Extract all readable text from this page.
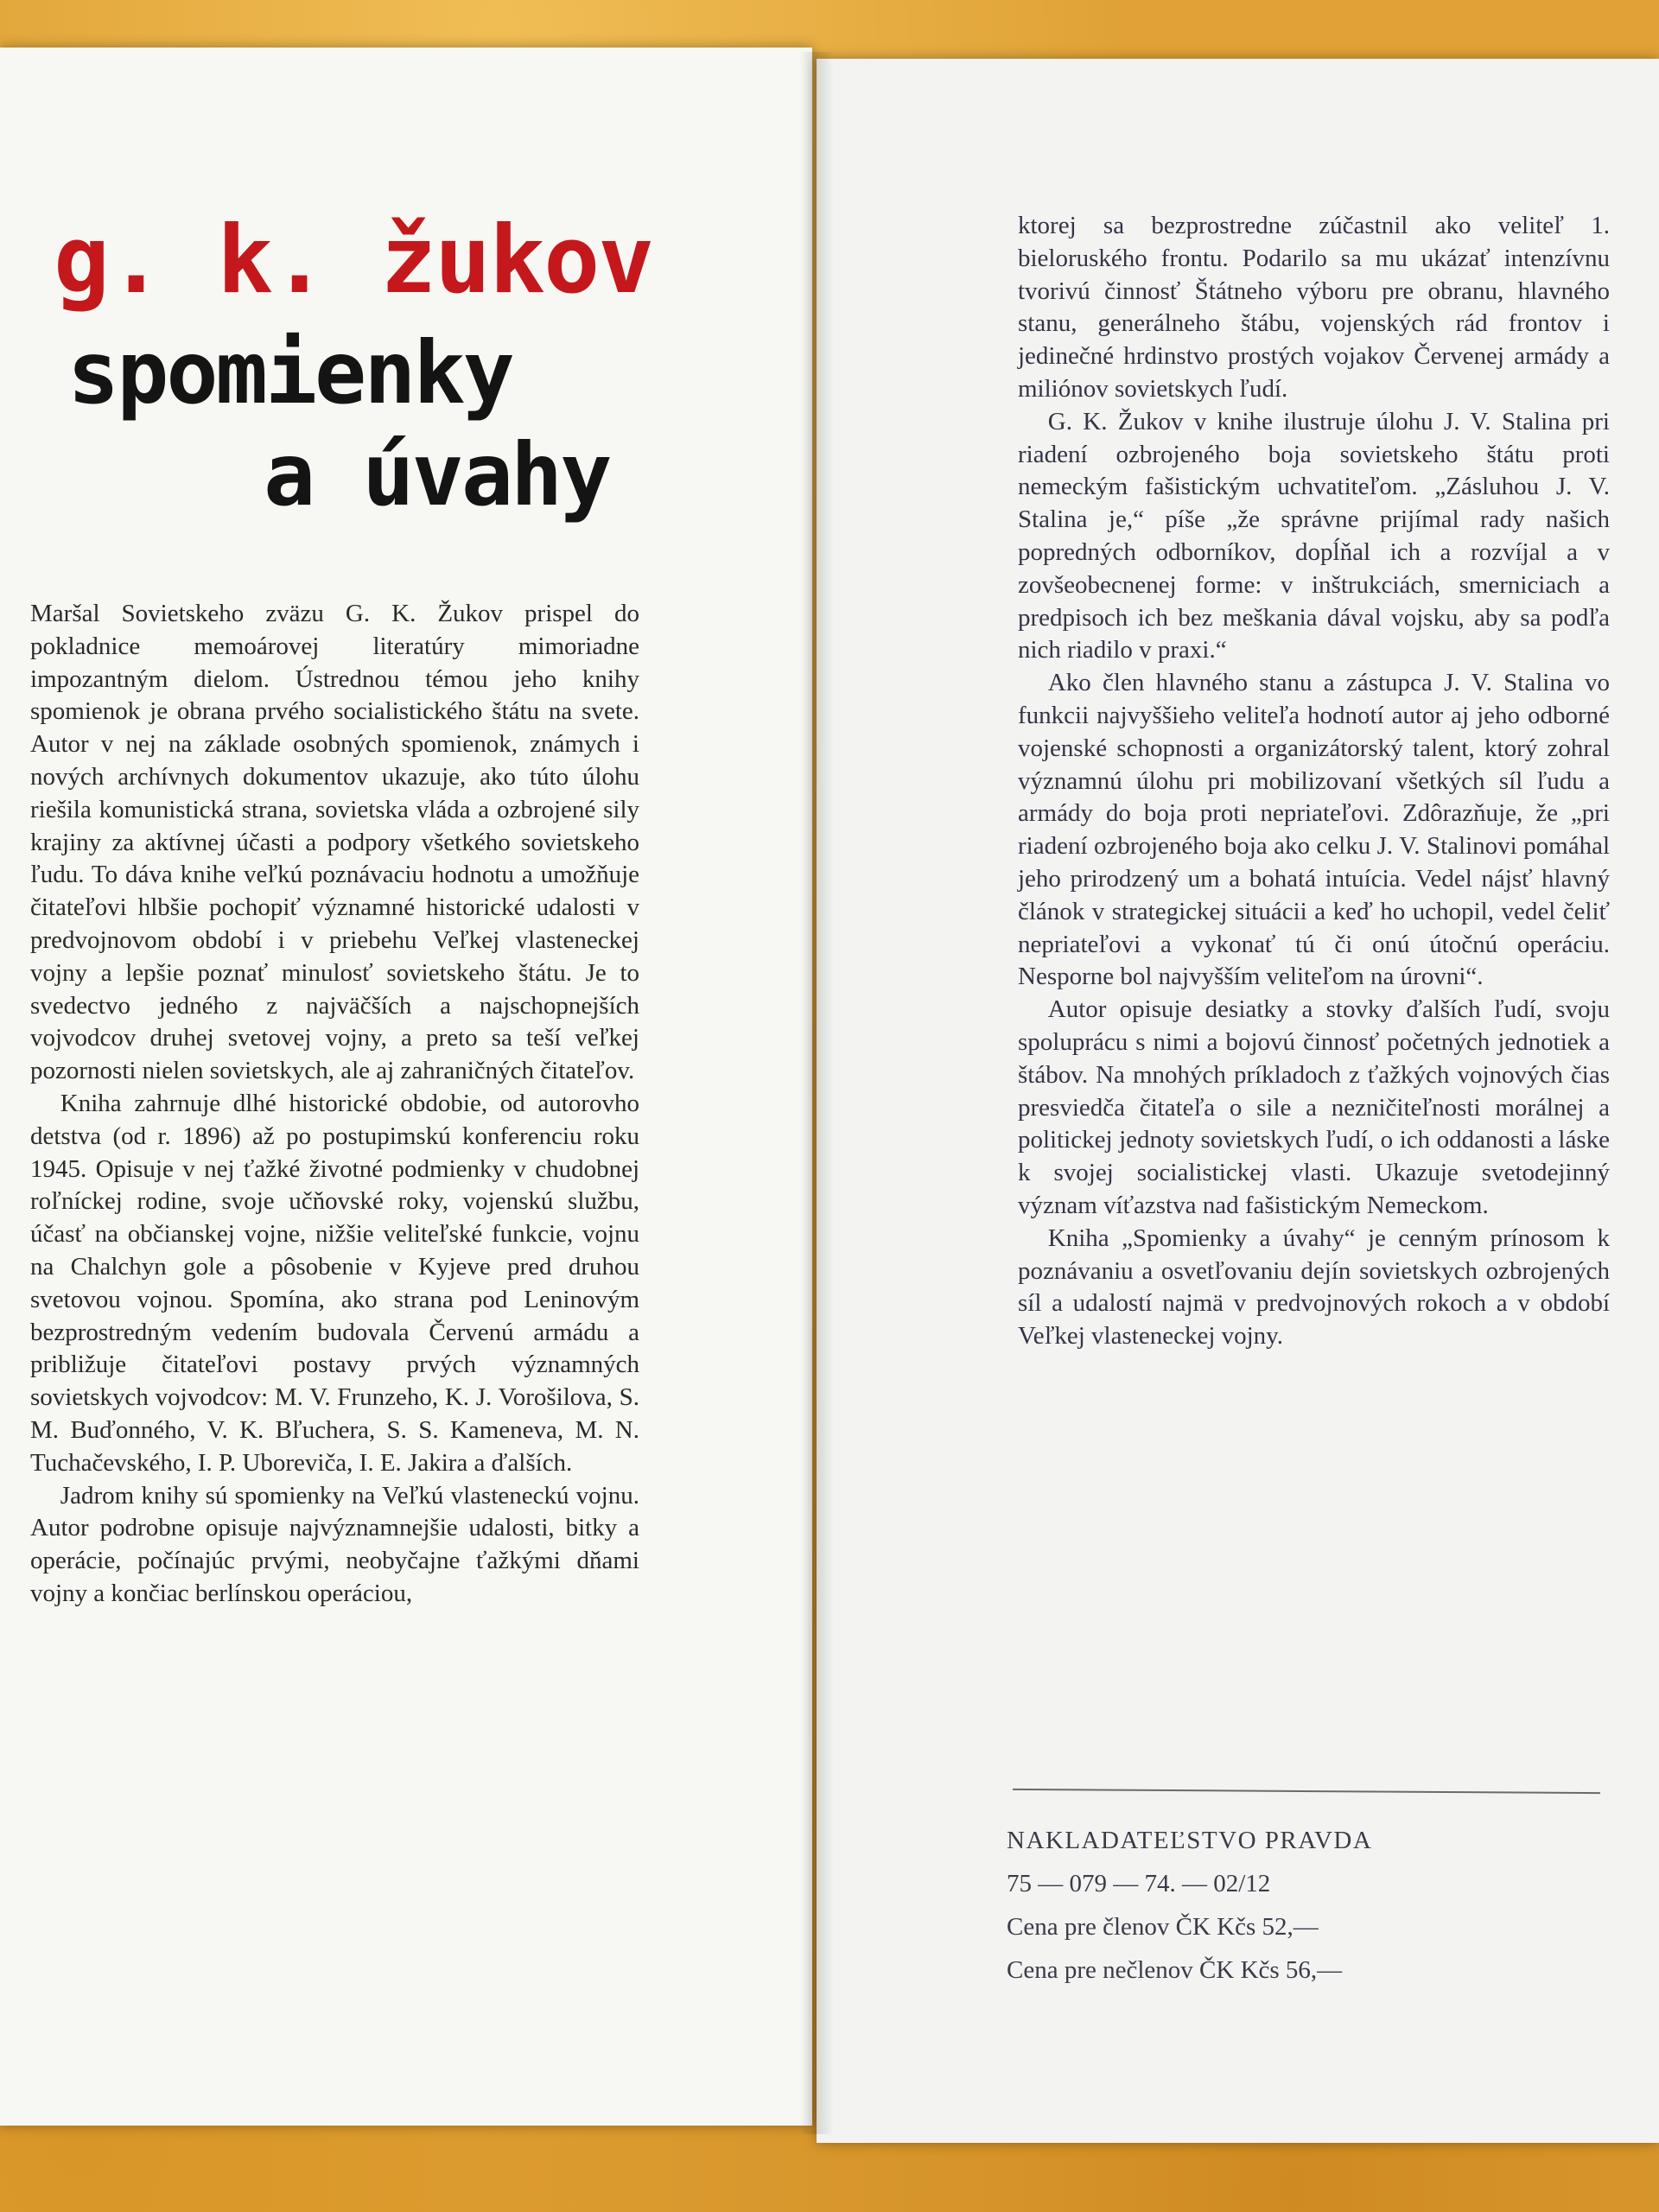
g. k. žukov
spomienky
a úvahy

Maršal Sovietskeho zväzu G. K. Žukov prispel do pokladnice memoárovej literatúry mimoriadne impozantným dielom. Ústrednou témou jeho knihy spomienok je obrana prvého socialistického štátu na svete. Autor v nej na základe osobných spomienok, známych i nových archívnych dokumentov ukazuje, ako túto úlohu riešila komunistická strana, sovietska vláda a ozbrojené sily krajiny za aktívnej účasti a podpory všetkého sovietskeho ľudu. To dáva knihe veľkú poznávaciu hodnotu a umožňuje čitateľovi hlbšie pochopiť významné historické udalosti v predvojnovom období i v priebehu Veľkej vlasteneckej vojny a lepšie poznať minulosť sovietskeho štátu. Je to svedectvo jedného z najväčších a najschopnejších vojvodcov druhej svetovej vojny, a preto sa teší veľkej pozornosti nielen sovietskych, ale aj zahraničných čitateľov.

Kniha zahrnuje dlhé historické obdobie, od autorovho detstva (od r. 1896) až po postupimskú konferenciu roku 1945. Opisuje v nej ťažké životné podmienky v chudobnej roľníckej rodine, svoje učňovské roky, vojenskú službu, účasť na občianskej vojne, nižšie veliteľské funkcie, vojnu na Chalchyn gole a pôsobenie v Kyjeve pred druhou svetovou vojnou. Spomína, ako strana pod Leninovým bezprostredným vedením budovala Červenú armádu a približuje čitateľovi postavy prvých významných sovietskych vojvodcov: M. V. Frunzeho, K. J. Vorošilova, S. M. Buďonného, V. K. Bľuchera, S. S. Kameneva, M. N. Tuchačevského, I. P. Uboreviča, I. E. Jakira a ďalších.

Jadrom knihy sú spomienky na Veľkú vlasteneckú vojnu. Autor podrobne opisuje najvýznamnejšie udalosti, bitky a operácie, počínajúc prvými, neobyčajne ťažkými dňami vojny a končiac berlínskou operáciou,

ktorej sa bezprostredne zúčastnil ako veliteľ 1. bieloruského frontu. Podarilo sa mu ukázať intenzívnu tvorivú činnosť Štátneho výboru pre obranu, hlavného stanu, generálneho štábu, vojenských rád frontov i jedinečné hrdinstvo prostých vojakov Červenej armády a miliónov sovietskych ľudí.

G. K. Žukov v knihe ilustruje úlohu J. V. Stalina pri riadení ozbrojeného boja sovietskeho štátu proti nemeckým fašistickým uchvatiteľom. „Zásluhou J. V. Stalina je,“ píše „že správne prijímal rady našich popredných odborníkov, dopĺňal ich a rozvíjal a v zovšeobecnenej forme: v inštrukciách, smerniciach a predpisoch ich bez meškania dával vojsku, aby sa podľa nich riadilo v praxi.“

Ako člen hlavného stanu a zástupca J. V. Stalina vo funkcii najvyššieho veliteľa hodnotí autor aj jeho odborné vojenské schopnosti a organizátorský talent, ktorý zohral významnú úlohu pri mobilizovaní všetkých síl ľudu a armády do boja proti nepriateľovi. Zdôrazňuje, že „pri riadení ozbrojeného boja ako celku J. V. Stalinovi pomáhal jeho prirodzený um a bohatá intuícia. Vedel nájsť hlavný článok v strategickej situácii a keď ho uchopil, vedel čeliť nepriateľovi a vykonať tú či onú útočnú operáciu. Nesporne bol najvyšším veliteľom na úrovni“.

Autor opisuje desiatky a stovky ďalších ľudí, svoju spoluprácu s nimi a bojovú činnosť početných jednotiek a štábov. Na mnohých príkladoch z ťažkých vojnových čias presviedča čitateľa o sile a nezničiteľnosti morálnej a politickej jednoty sovietskych ľudí, o ich oddanosti a láske k svojej socialistickej vlasti. Ukazuje svetodejinný význam víťazstva nad fašistickým Nemeckom.

Kniha „Spomienky a úvahy“ je cenným prínosom k poznávaniu a osvetľovaniu dejín sovietskych ozbrojených síl a udalostí najmä v predvojnových rokoch a v období Veľkej vlasteneckej vojny.

NAKLADATEĽSTVO PRAVDA
75 — 079 — 74. — 02/12
Cena pre členov ČK Kčs 52,—
Cena pre nečlenov ČK Kčs 56,—
